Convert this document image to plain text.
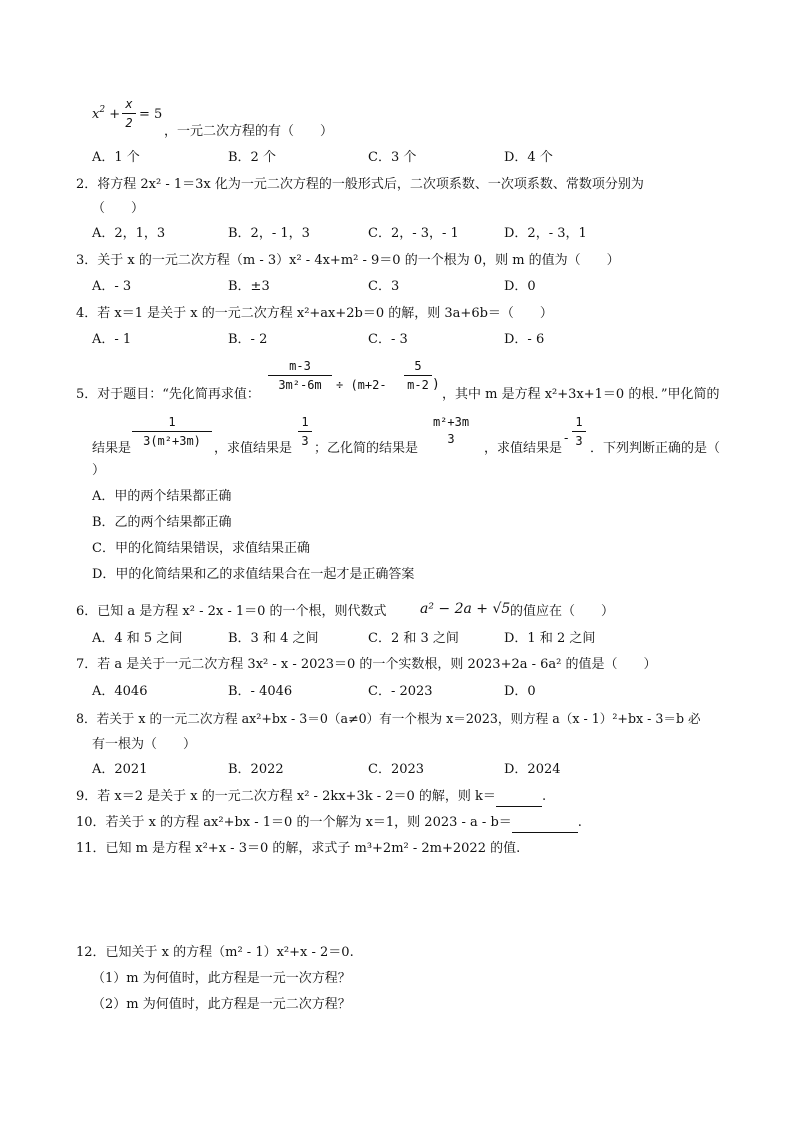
$x^2$ +
x
2
= 5
，一元二次方程的有（　　）
A．1 个	B．2 个	C．3 个	D．4 个
2．将方程 2x² - 1＝3x 化为一元二次方程的一般形式后，二次项系数、一次项系数、常数项分别为
（　　）
A．2，1，3	B．2，- 1，3	C．2，- 3，- 1	D．2，- 3，1
3．关于 x 的一元二次方程（m - 3）x² - 4x+m² - 9＝0 的一个根为 0，则 m 的值为（　　）
A．- 3	B．±3	C．3	D．0
4．若 x＝1 是关于 x 的一元二次方程 x²+ax+2b＝0 的解，则 3a+6b＝（　　）
A．- 1	B．- 2	C．- 3	D．- 6
5．对于题目：“先化简再求值：
m-3
3m²-6m	÷ (m+2-
5
m-2 )
，其中 m 是方程 x²+3x+1＝0 的根．”甲化简的
结果是
1
3(m²+3m)	，求值结果是
1
3 ；乙化简的结果是
m²+3m
3
，求值结果是
-
1
3 ．下列判断正确的是（
）
A．甲的两个结果都正确
B．乙的两个结果都正确
C．甲的化简结果错误，求值结果正确
D．甲的化简结果和乙的求值结果合在一起才是正确答案
6．已知 a 是方程 x² - 2x - 1＝0 的一个根，则代数式 a² − 2a + √5 的值应在（　　）
A．4 和 5 之间	B．3 和 4 之间	C．2 和 3 之间	D．1 和 2 之间
7．若 a 是关于一元二次方程 3x² - x - 2023＝0 的一个实数根，则 2023+2a - 6a² 的值是（　　）
A．4046	B．- 4046	C．- 2023	D．0
8．若关于 x 的一元二次方程 ax²+bx - 3＝0（a≠0）有一个根为 x＝2023，则方程 a（x - 1）²+bx - 3＝b 必
有一根为（　　）
A．2021	B．2022	C．2023	D．2024
9．若 x＝2 是关于 x 的一元二次方程 x² - 2kx+3k - 2＝0 的解，则 k＝	.
10．若关于 x 的方程 ax²+bx - 1＝0 的一个解为 x＝1，则 2023 - a - b＝	.
11．已知 m 是方程 x²+x - 3＝0 的解，求式子 m³+2m² - 2m+2022 的值.
12．已知关于 x 的方程（m² - 1）x²+x - 2＝0.
（1）m 为何值时，此方程是一元一次方程？
（2）m 为何值时，此方程是一元二次方程？
